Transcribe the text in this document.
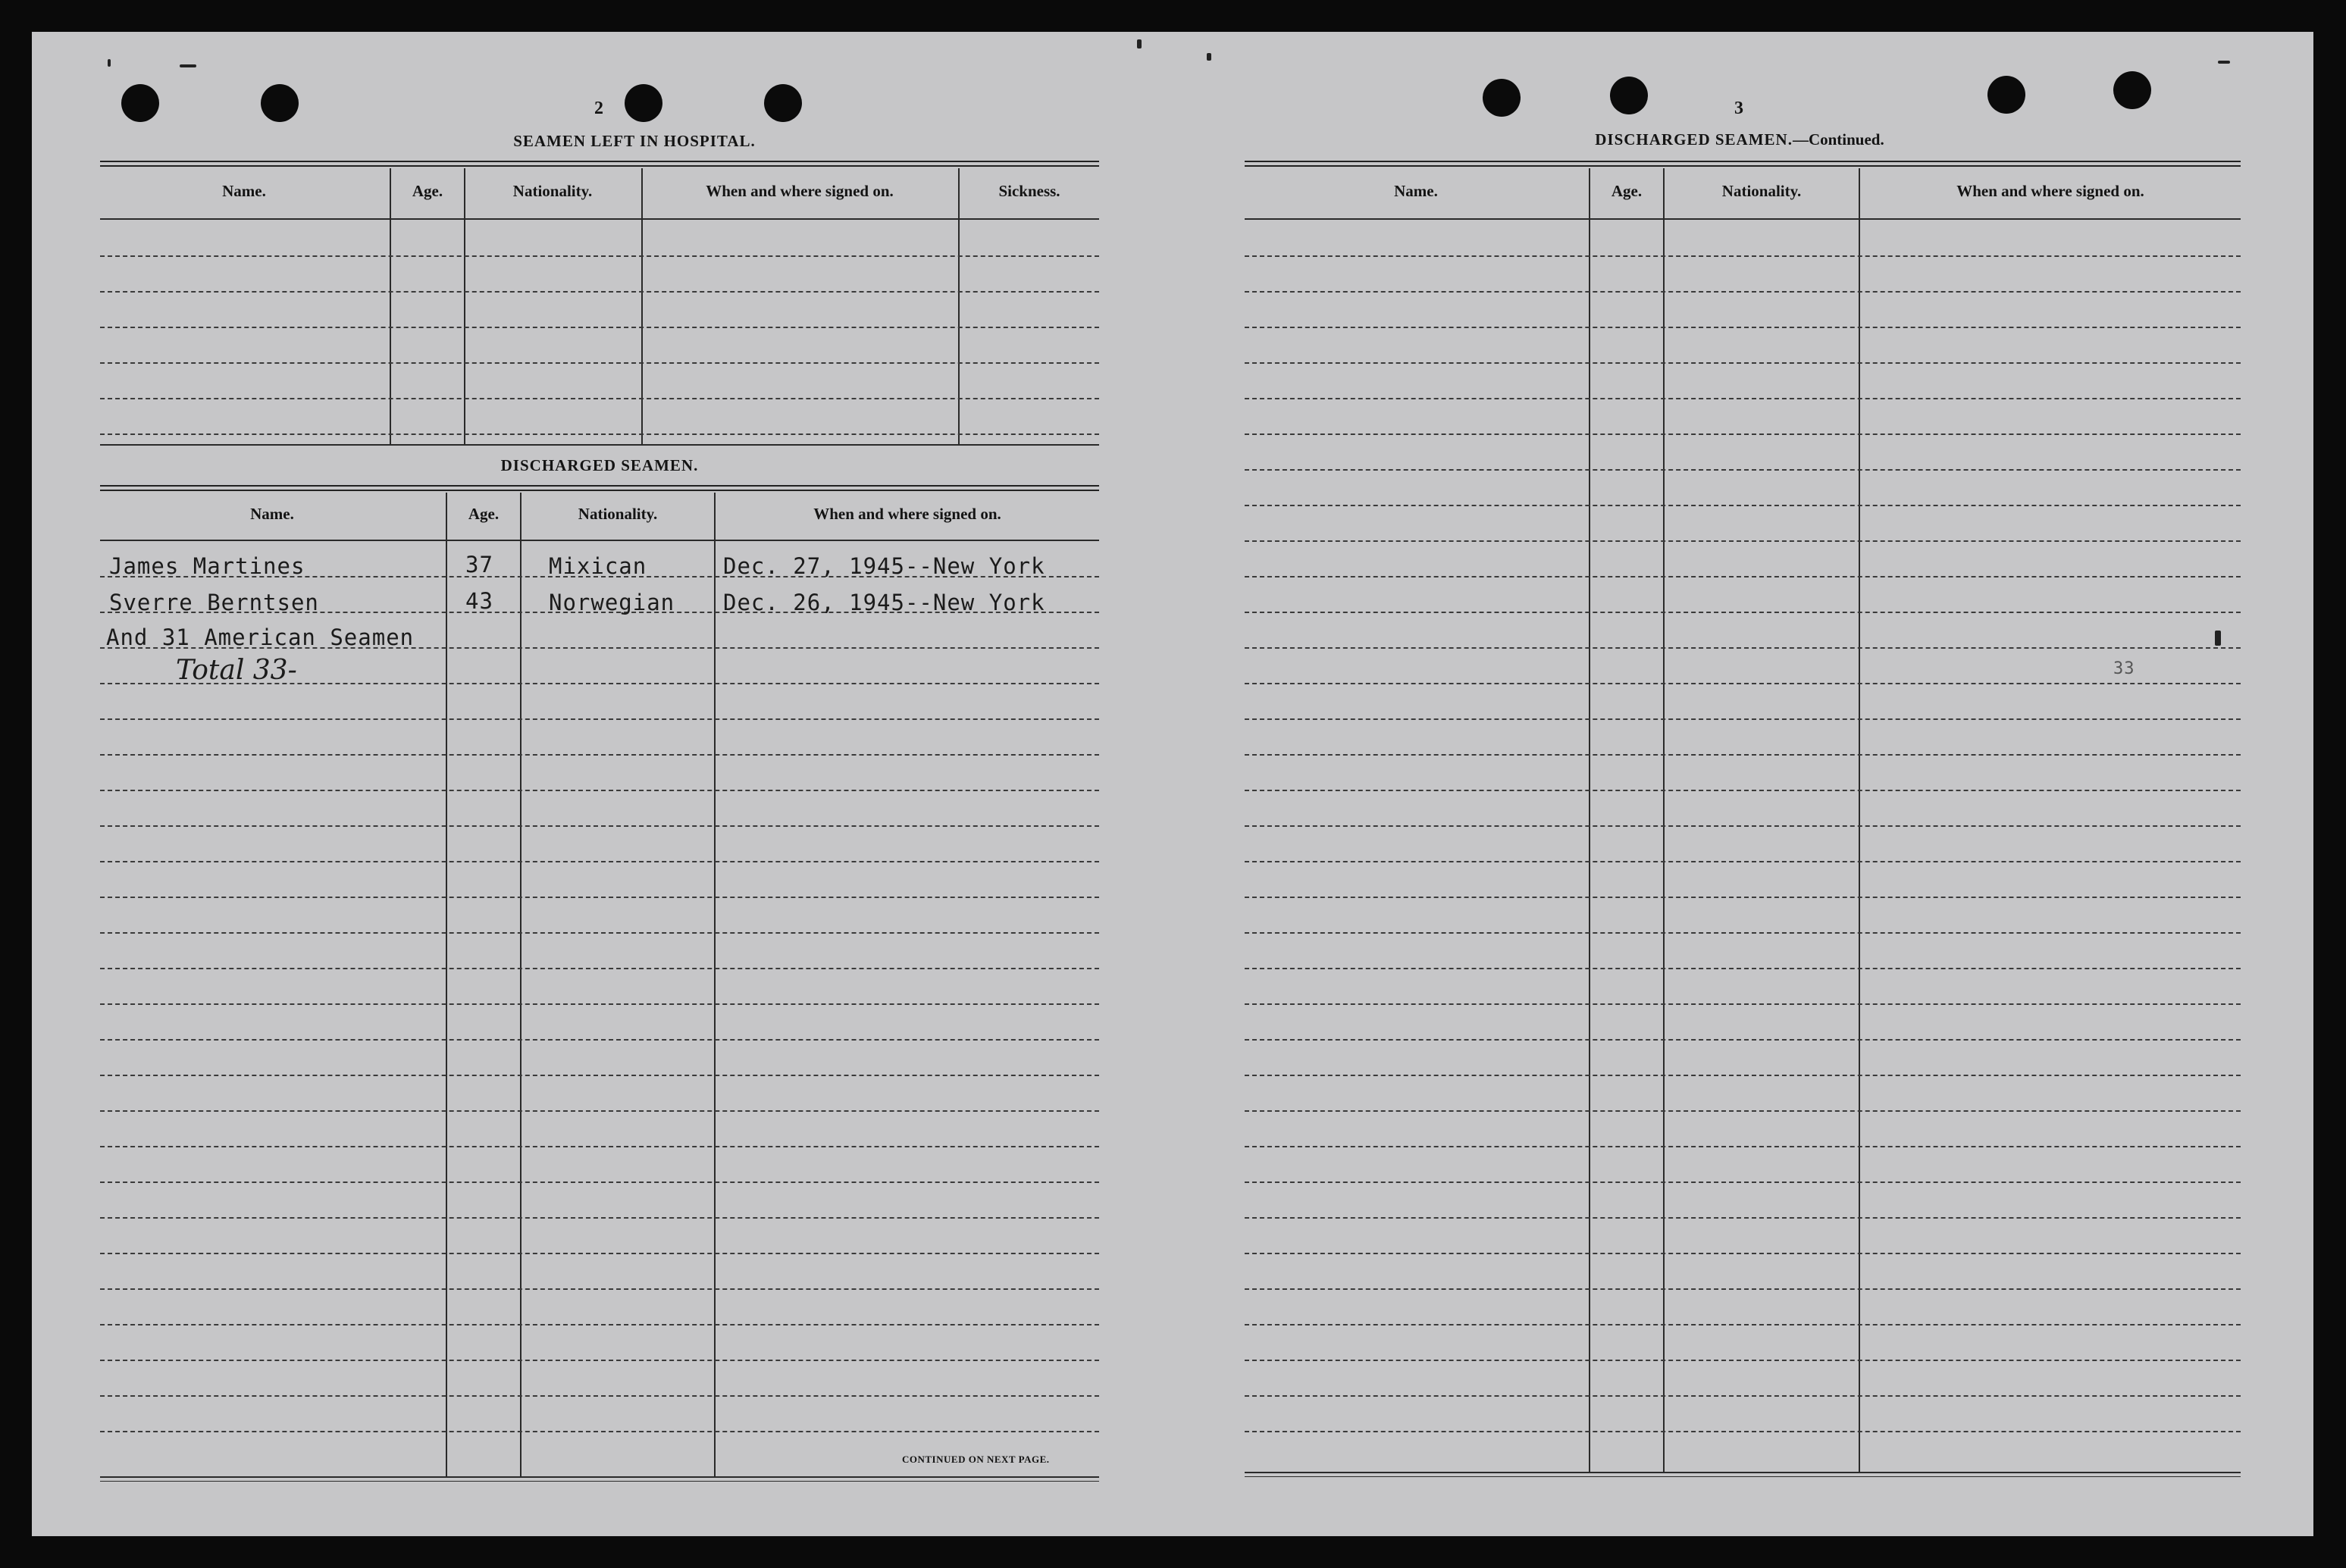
2
SEAMEN LEFT IN HOSPITAL.
Name.	Age.	Nationality.	When and where signed on.	Sickness.
DISCHARGED SEAMEN.
Name.	Age.	Nationality.	When and where signed on.
James Martines	37	Mixican	Dec. 27, 1945--New York
Sverre Berntsen	43	Norwegian Dec. 26, 1945--New York
And 31 American Seamen
Total 33-
CONTINUED ON NEXT PAGE.
3
DISCHARGED SEAMEN.—Continued.
Name.	Age.	Nationality.	When and where signed on.
33
